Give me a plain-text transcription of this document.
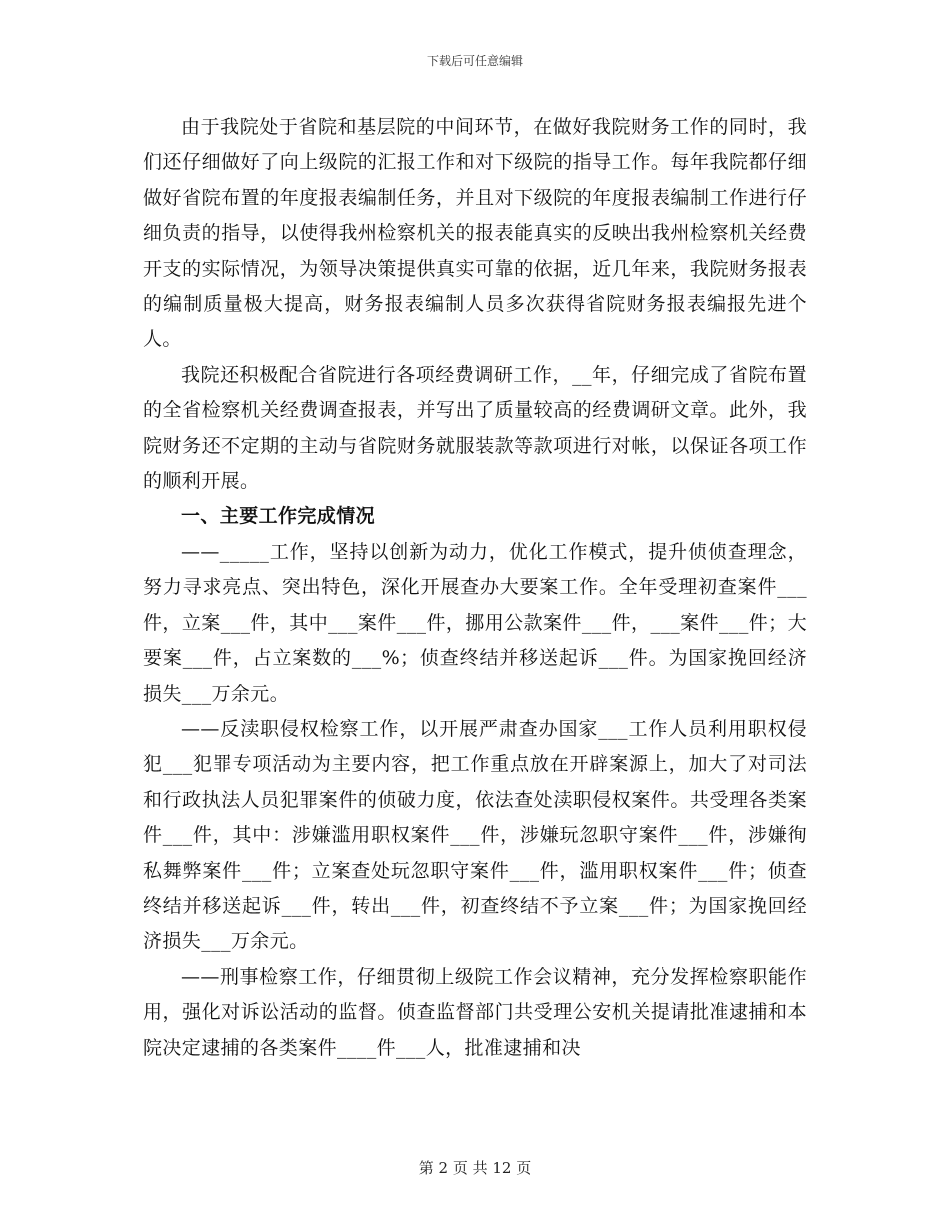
下载后可任意编辑

由于我院处于省院和基层院的中间环节，在做好我院财务工作的同时，我们还仔细做好了向上级院的汇报工作和对下级院的指导工作。每年我院都仔细做好省院布置的年度报表编制任务，并且对下级院的年度报表编制工作进行仔细负责的指导，以使得我州检察机关的报表能真实的反映出我州检察机关经费开支的实际情况，为领导决策提供真实可靠的依据，近几年来，我院财务报表的编制质量极大提高，财务报表编制人员多次获得省院财务报表编报先进个人。

我院还积极配合省院进行各项经费调研工作，__年，仔细完成了省院布置的全省检察机关经费调查报表，并写出了质量较高的经费调研文章。此外，我院财务还不定期的主动与省院财务就服装款等款项进行对帐，以保证各项工作的顺利开展。

一、主要工作完成情况

——_____工作，坚持以创新为动力，优化工作模式，提升侦侦查理念，努力寻求亮点、突出特色，深化开展查办大要案工作。全年受理初查案件___件，立案___件，其中___案件___件，挪用公款案件___件，___案件___件；大要案___件，占立案数的___%；侦查终结并移送起诉___件。为国家挽回经济损失___万余元。

——反渎职侵权检察工作，以开展严肃查办国家___工作人员利用职权侵犯___犯罪专项活动为主要内容，把工作重点放在开辟案源上，加大了对司法和行政执法人员犯罪案件的侦破力度，依法查处渎职侵权案件。共受理各类案件___件，其中：涉嫌滥用职权案件___件，涉嫌玩忽职守案件___件，涉嫌徇私舞弊案件___件；立案查处玩忽职守案件___件，滥用职权案件___件；侦查终结并移送起诉___件，转出___件，初查终结不予立案___件；为国家挽回经济损失___万余元。

——刑事检察工作，仔细贯彻上级院工作会议精神，充分发挥检察职能作用，强化对诉讼活动的监督。侦查监督部门共受理公安机关提请批准逮捕和本院决定逮捕的各类案件____件___人，批准逮捕和决

第 2 页 共 12 页
